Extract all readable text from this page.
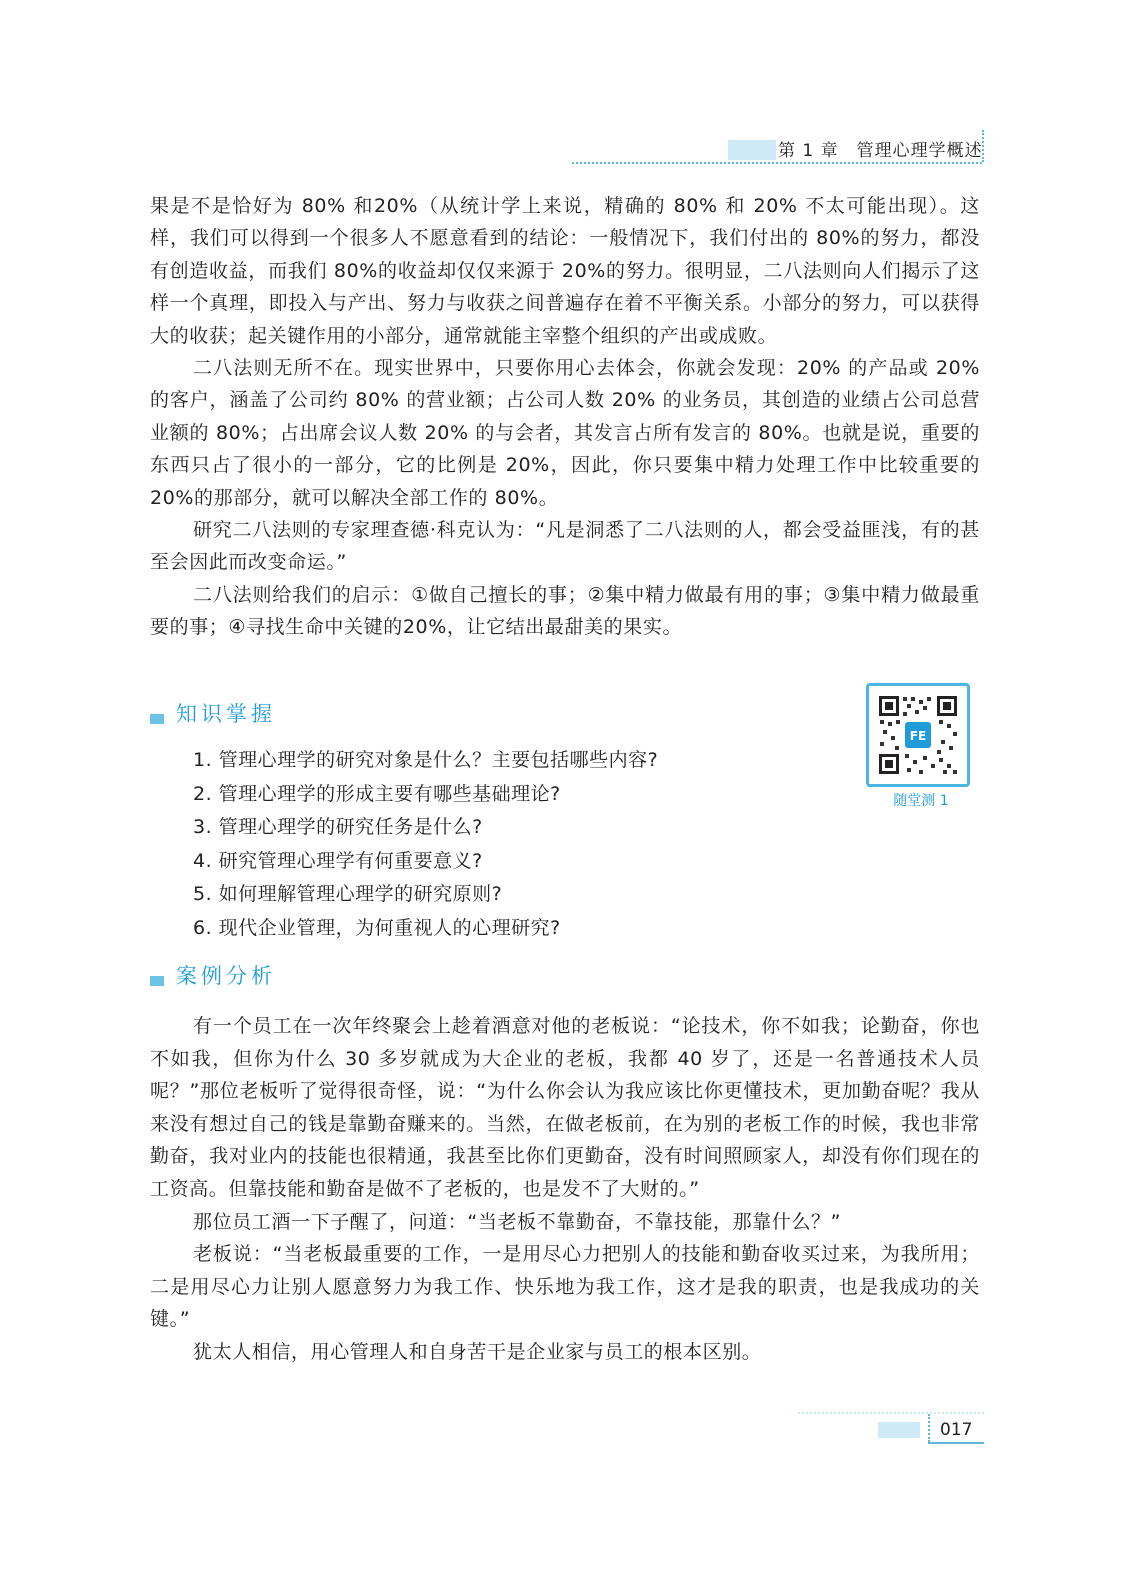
第 1 章　管理心理学概述

果是不是恰好为 80% 和20%（从统计学上来说，精确的 80% 和 20% 不太可能出现）。这样，我们可以得到一个很多人不愿意看到的结论：一般情况下，我们付出的 80%的努力，都没有创造收益，而我们 80%的收益却仅仅来源于 20%的努力。很明显，二八法则向人们揭示了这样一个真理，即投入与产出、努力与收获之间普遍存在着不平衡关系。小部分的努力，可以获得大的收获；起关键作用的小部分，通常就能主宰整个组织的产出或成败。

二八法则无所不在。现实世界中，只要你用心去体会，你就会发现：20% 的产品或 20% 的客户，涵盖了公司约 80% 的营业额；占公司人数 20% 的业务员，其创造的业绩占公司总营业额的 80%；占出席会议人数 20% 的与会者，其发言占所有发言的 80%。也就是说，重要的东西只占了很小的一部分，它的比例是 20%，因此，你只要集中精力处理工作中比较重要的 20%的那部分，就可以解决全部工作的 80%。

研究二八法则的专家理查德·科克认为：“凡是洞悉了二八法则的人，都会受益匪浅，有的甚至会因此而改变命运。”

二八法则给我们的启示：①做自己擅长的事；②集中精力做最有用的事；③集中精力做最重要的事；④寻找生命中关键的20%，让它结出最甜美的果实。

知识掌握
1. 管理心理学的研究对象是什么？主要包括哪些内容?
2. 管理心理学的形成主要有哪些基础理论?
3. 管理心理学的研究任务是什么?
4. 研究管理心理学有何重要意义?
5. 如何理解管理心理学的研究原则?
6. 现代企业管理，为何重视人的心理研究?
FE
随堂测 1
案例分析

有一个员工在一次年终聚会上趁着酒意对他的老板说：“论技术，你不如我；论勤奋，你也不如我，但你为什么 30 多岁就成为大企业的老板，我都 40 岁了，还是一名普通技术人员呢？”那位老板听了觉得很奇怪，说：“为什么你会认为我应该比你更懂技术，更加勤奋呢？我从来没有想过自己的钱是靠勤奋赚来的。当然，在做老板前，在为别的老板工作的时候，我也非常勤奋，我对业内的技能也很精通，我甚至比你们更勤奋，没有时间照顾家人，却没有你们现在的工资高。但靠技能和勤奋是做不了老板的，也是发不了大财的。”

那位员工酒一下子醒了，问道：“当老板不靠勤奋，不靠技能，那靠什么？”

老板说：“当老板最重要的工作，一是用尽心力把别人的技能和勤奋收买过来，为我所用；二是用尽心力让别人愿意努力为我工作、快乐地为我工作，这才是我的职责，也是我成功的关键。”

犹太人相信，用心管理人和自身苦干是企业家与员工的根本区别。

017
